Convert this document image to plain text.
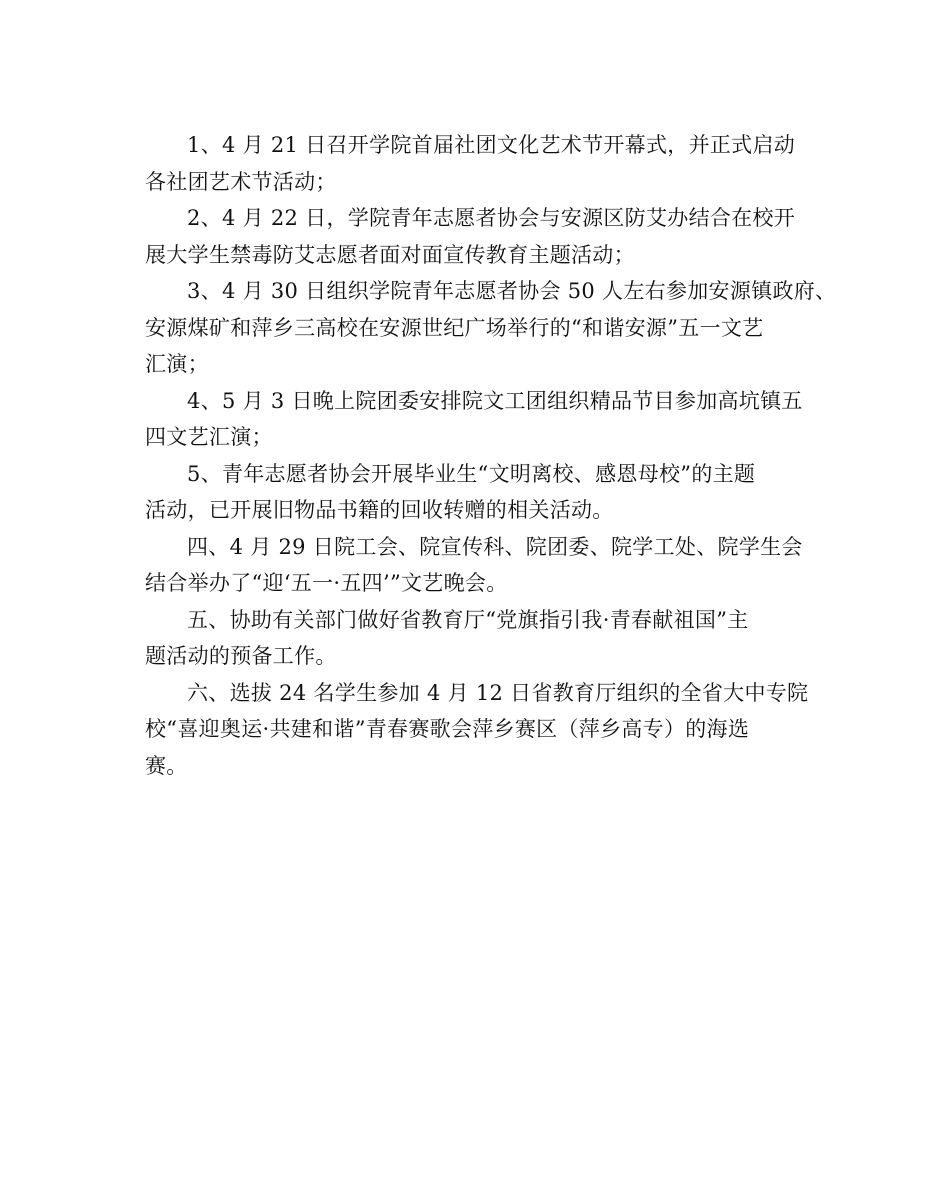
1、4 月 21 日召开学院首届社团文化艺术节开幕式，并正式启动
各社团艺术节活动；

2、4 月 22 日，学院青年志愿者协会与安源区防艾办结合在校开
展大学生禁毒防艾志愿者面对面宣传教育主题活动；

3、4 月 30 日组织学院青年志愿者协会 50 人左右参加安源镇政府、
安源煤矿和萍乡三高校在安源世纪广场举行的“和谐安源”五一文艺
汇演；

4、5 月 3 日晚上院团委安排院文工团组织精品节目参加高坑镇五
四文艺汇演；

5、青年志愿者协会开展毕业生“文明离校、感恩母校”的主题
活动，已开展旧物品书籍的回收转赠的相关活动。

四、4 月 29 日院工会、院宣传科、院团委、院学工处、院学生会
结合举办了“迎‘五一·五四’”文艺晚会。

五、协助有关部门做好省教育厅“党旗指引我·青春献祖国”主
题活动的预备工作。

六、选拔 24 名学生参加 4 月 12 日省教育厅组织的全省大中专院
校“喜迎奥运·共建和谐”青春赛歌会萍乡赛区（萍乡高专）的海选
赛。
